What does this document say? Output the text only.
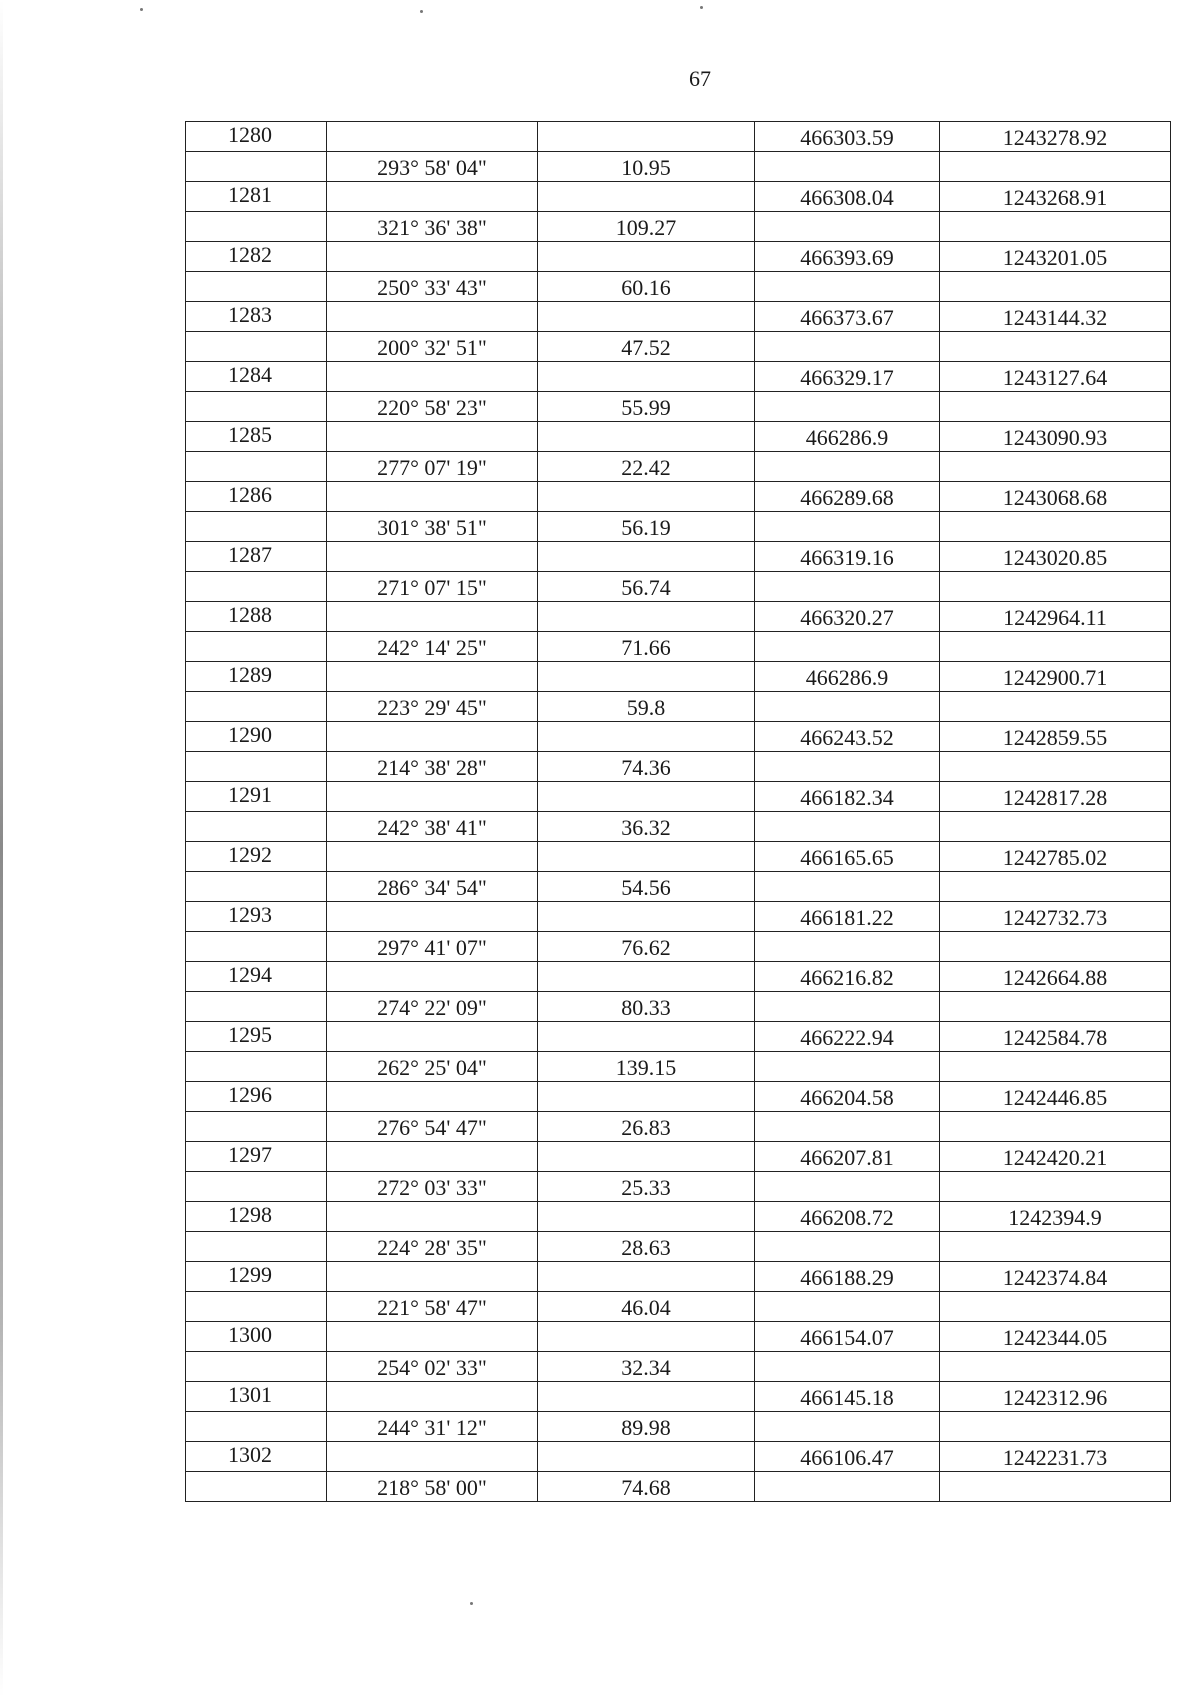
67
1280			466303.59	1243278.92
	293° 58' 04"	10.95		
1281			466308.04	1243268.91
	321° 36' 38"	109.27		
1282			466393.69	1243201.05
	250° 33' 43"	60.16		
1283			466373.67	1243144.32
	200° 32' 51"	47.52		
1284			466329.17	1243127.64
	220° 58' 23"	55.99		
1285			466286.9	1243090.93
	277° 07' 19"	22.42		
1286			466289.68	1243068.68
	301° 38' 51"	56.19		
1287			466319.16	1243020.85
	271° 07' 15"	56.74		
1288			466320.27	1242964.11
	242° 14' 25"	71.66		
1289			466286.9	1242900.71
	223° 29' 45"	59.8		
1290			466243.52	1242859.55
	214° 38' 28"	74.36		
1291			466182.34	1242817.28
	242° 38' 41"	36.32		
1292			466165.65	1242785.02
	286° 34' 54"	54.56		
1293			466181.22	1242732.73
	297° 41' 07"	76.62		
1294			466216.82	1242664.88
	274° 22' 09"	80.33		
1295			466222.94	1242584.78
	262° 25' 04"	139.15		
1296			466204.58	1242446.85
	276° 54' 47"	26.83		
1297			466207.81	1242420.21
	272° 03' 33"	25.33		
1298			466208.72	1242394.9
	224° 28' 35"	28.63		
1299			466188.29	1242374.84
	221° 58' 47"	46.04		
1300			466154.07	1242344.05
	254° 02' 33"	32.34		
1301			466145.18	1242312.96
	244° 31' 12"	89.98		
1302			466106.47	1242231.73
	218° 58' 00"	74.68		
